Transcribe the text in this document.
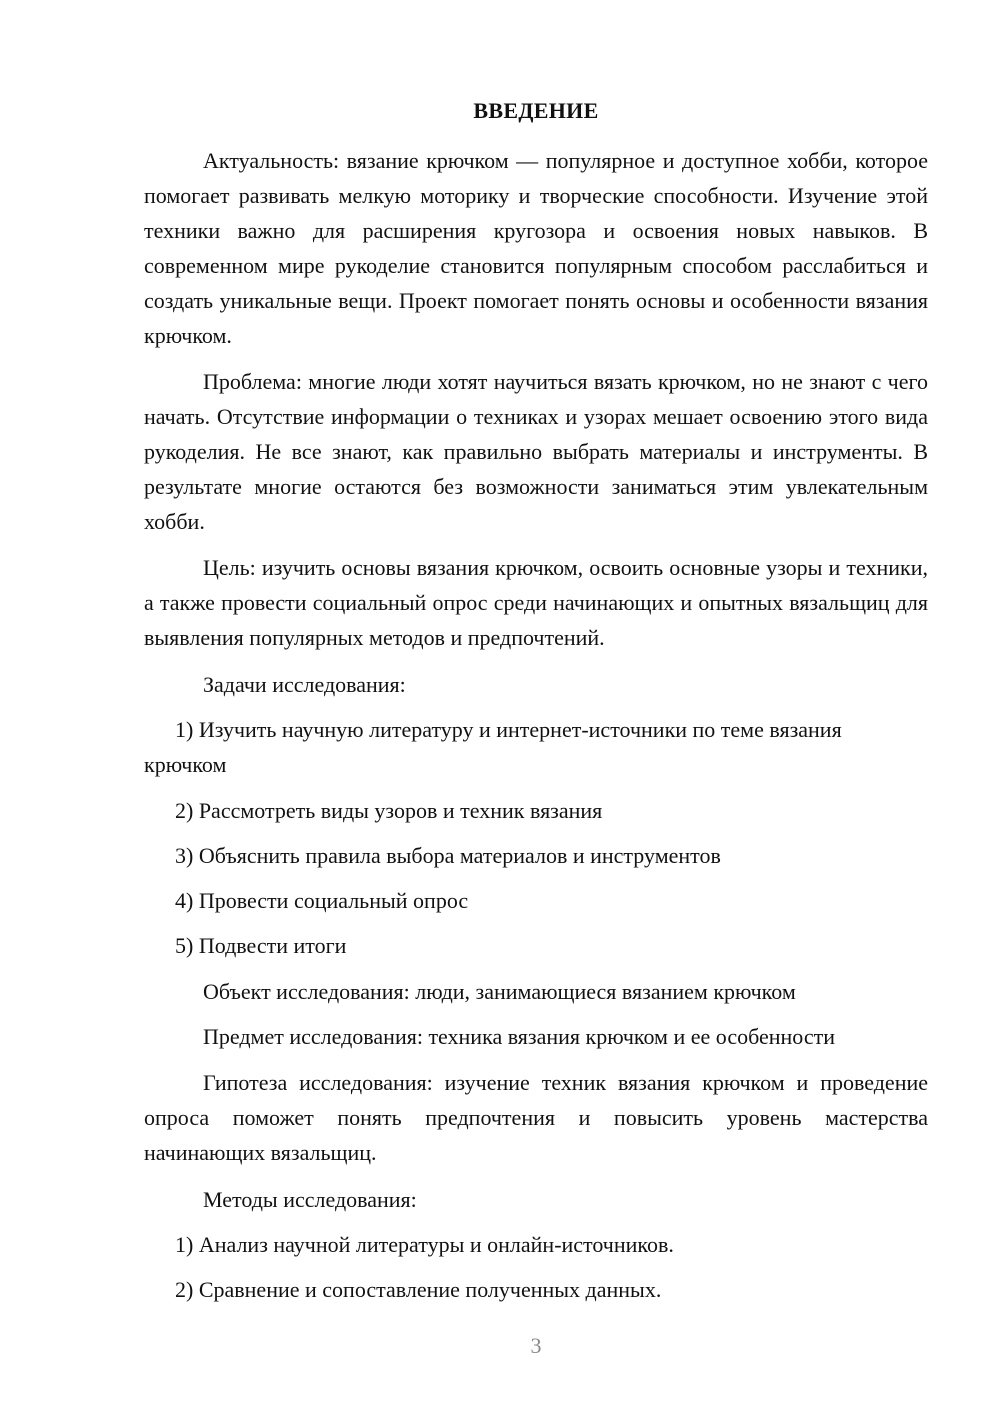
ВВЕДЕНИЕ

Актуальность: вязание крючком — популярное и доступное хобби, которое помогает развивать мелкую моторику и творческие способности. Изучение этой техники важно для расширения кругозора и освоения новых навыков. В современном мире рукоделие становится популярным способом расслабиться и создать уникальные вещи. Проект помогает понять основы и особенности вязания крючком.

Проблема: многие люди хотят научиться вязать крючком, но не знают с чего начать. Отсутствие информации о техниках и узорах мешает освоению этого вида рукоделия. Не все знают, как правильно выбрать материалы и инструменты. В результате многие остаются без возможности заниматься этим увлекательным хобби.

Цель: изучить основы вязания крючком, освоить основные узоры и техники, а также провести социальный опрос среди начинающих и опытных вязальщиц для выявления популярных методов и предпочтений.

Задачи исследования:

1) Изучить научную литературу и интернет-источники по теме вязания крючком

2) Рассмотреть виды узоров и техник вязания

3) Объяснить правила выбора материалов и инструментов

4) Провести социальный опрос

5) Подвести итоги

Объект исследования: люди, занимающиеся вязанием крючком

Предмет исследования: техника вязания крючком и ее особенности

Гипотеза исследования: изучение техник вязания крючком и проведение опроса поможет понять предпочтения и повысить уровень мастерства начинающих вязальщиц.

Методы исследования:

1) Анализ научной литературы и онлайн-источников.

2) Сравнение и сопоставление полученных данных.

3
